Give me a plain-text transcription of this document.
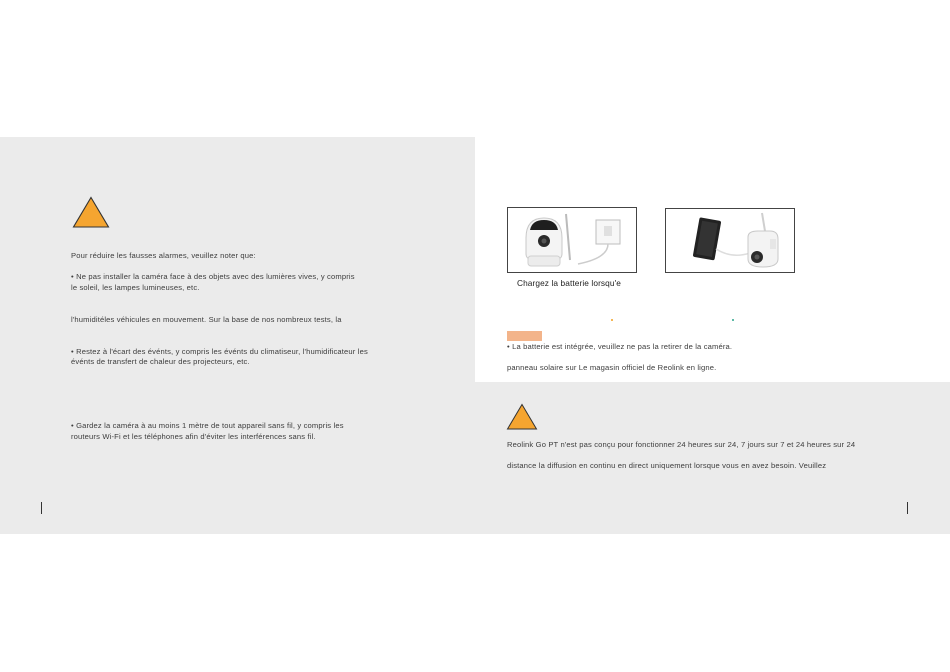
Pour réduire les fausses alarmes, veuillez noter que:
• Ne pas installer la caméra face à des objets avec des lumières vives, y compris
le soleil, les lampes lumineuses, etc.
l'humiditéles véhicules en mouvement. Sur la base de nos nombreux tests, la
• Restez à l'écart des événts, y compris les événts du climatiseur, l'humidificateur les
événts de transfert de chaleur des projecteurs, etc.
• Gardez la caméra à au moins 1 mètre de tout appareil sans fil, y compris les
routeurs Wi-Fi et les téléphones afin d'éviter les interférences sans fil.
Chargez la batterie lorsqu'e
• La batterie est intégrée, veuillez ne pas la retirer de la caméra.
panneau solaire sur Le magasin officiel de Reolink en ligne.
Reolink Go PT n'est pas conçu pour fonctionner 24 heures sur 24, 7 jours sur 7 et 24 heures sur 24
distance la diffusion en continu en direct uniquement lorsque vous en avez besoin. Veuillez
